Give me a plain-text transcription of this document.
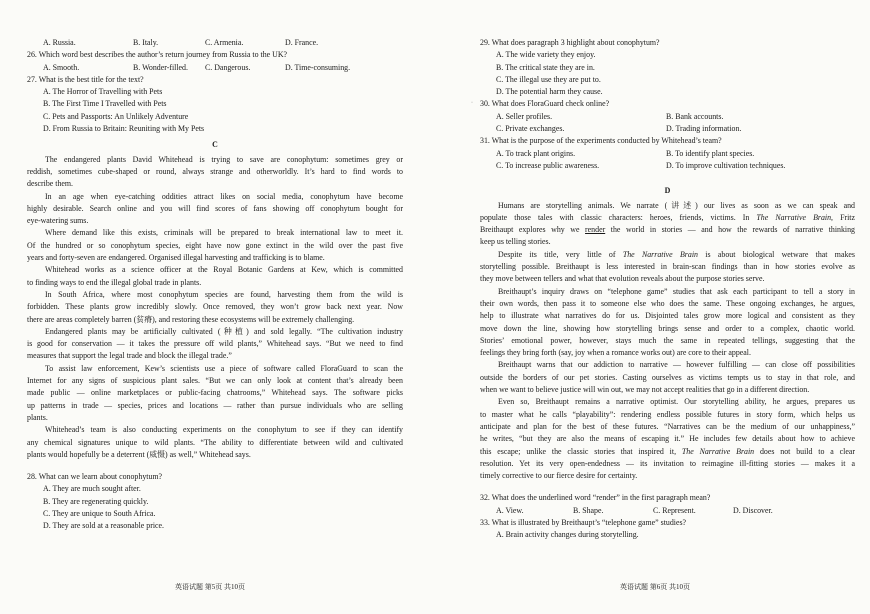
A. Russia.	B. Italy.	C. Armenia.	D. France.
26. Which word best describes the author’s return journey from Russia to the UK?
A. Smooth.	B. Wonder-filled.	C. Dangerous.	D. Time-consuming.
27. What is the best title for the text?
A. The Horror of Travelling with Pets
B. The First Time I Travelled with Pets
C. Pets and Passports: An Unlikely Adventure
D. From Russia to Britain: Reuniting with My Pets
C
The endangered plants David Whitehead is trying to save are conophytum: sometimes grey or
reddish, sometimes cube-shaped or round, always strange and otherworldly. It’s hard to find words to
describe them.
In an age when eye-catching oddities attract likes on social media, conophytum have become
highly desirable. Search online and you will find scores of fans showing off conophytum bought for
eye-watering sums.
Where demand like this exists, criminals will be prepared to break international law to meet it.
Of the hundred or so conophytum species, eight have now gone extinct in the wild over the past five
years and forty-seven are endangered. Organised illegal harvesting and trafficking is to blame.
Whitehead works as a science officer at the Royal Botanic Gardens at Kew, which is committed
to finding ways to end the illegal global trade in plants.
In South Africa, where most conophytum species are found, harvesting them from the wild is
forbidden. These plants grow incredibly slowly. Once removed, they won’t grow back next year. Now
there are areas completely barren (贫瘠), and restoring these ecosystems will be extremely challenging.
Endangered plants may be artificially cultivated (种植) and sold legally. “The cultivation industry
is good for conservation — it takes the pressure off wild plants,” Whitehead says. “But we need to find
measures that support the legal trade and block the illegal trade.”
To assist law enforcement, Kew’s scientists use a piece of software called FloraGuard to scan the
Internet for any signs of suspicious plant sales. “But we can only look at content that’s already been
made public — online marketplaces or public-facing chatrooms,” Whitehead says. The software picks
up patterns in trade — species, prices and locations — rather than pursue individuals who are selling
plants.
Whitehead’s team is also conducting experiments on the conophytum to see if they can identify
any chemical signatures unique to wild plants. “The ability to differentiate between wild and cultivated
plants would hopefully be a deterrent (威慑) as well,” Whitehead says.
28. What can we learn about conophytum?
A. They are much sought after.
B. They are regenerating quickly.
C. They are unique to South Africa.
D. They are sold at a reasonable price.
英语试题 第5页 共10页
·
29. What does paragraph 3 highlight about conophytum?
A. The wide variety they enjoy.
B. The critical state they are in.
C. The illegal use they are put to.
D. The potential harm they cause.
30. What does FloraGuard check online?
A. Seller profiles.	B. Bank accounts.
C. Private exchanges.	D. Trading information.
31. What is the purpose of the experiments conducted by Whitehead’s team?
A. To track plant origins.	B. To identify plant species.
C. To increase public awareness.	D. To improve cultivation techniques.
D
Humans are storytelling animals. We narrate (讲述) our lives as soon as we can speak and
populate those tales with classic characters: heroes, friends, victims. In The Narrative Brain, Fritz
Breithaupt explores why we render the world in stories — and how the rewards of narrative thinking
keep us telling stories.
Despite its title, very little of The Narrative Brain is about biological wetware that makes
storytelling possible. Breithaupt is less interested in brain-scan findings than in how stories evolve as
they move between tellers and what that evolution reveals about the purpose stories serve.
Breithaupt’s inquiry draws on “telephone game” studies that ask each participant to tell a story in
their own words, then pass it to someone else who does the same. These ongoing exchanges, he argues,
help to illustrate what narratives do for us. Disjointed tales grow more logical and consistent as they
move down the line, showing how storytelling brings sense and order to a complex, chaotic world.
Stories’ emotional power, however, stays much the same in repeated tellings, suggesting that the
feelings they bring forth (say, joy when a romance works out) are core to their appeal.
Breithaupt warns that our addiction to narrative — however fulfilling — can close off possibilities
outside the borders of our pet stories. Casting ourselves as victims tempts us to stay in that role, and
when we want to believe justice will win out, we may not accept realities that go in a different direction.
Even so, Breithaupt remains a narrative optimist. Our storytelling ability, he argues, prepares us
to master what he calls “playability”: rendering endless possible futures in story form, which helps us
anticipate and plan for the best of these futures. “Narratives can be the medium of our unhappiness,”
he writes, “but they are also the means of escaping it.” He includes few details about how to achieve
this escape; unlike the classic stories that inspired it, The Narrative Brain does not build to a clear
resolution. Yet its very open-endedness — its invitation to reimagine ill-fitting stories — makes it a
timely corrective to our fierce desire for certainty.
32. What does the underlined word “render” in the first paragraph mean?
A. View.	B. Shape.	C. Represent.	D. Discover.
33. What is illustrated by Breithaupt’s “telephone game” studies?
A. Brain activity changes during storytelling.
英语试题 第6页 共10页
